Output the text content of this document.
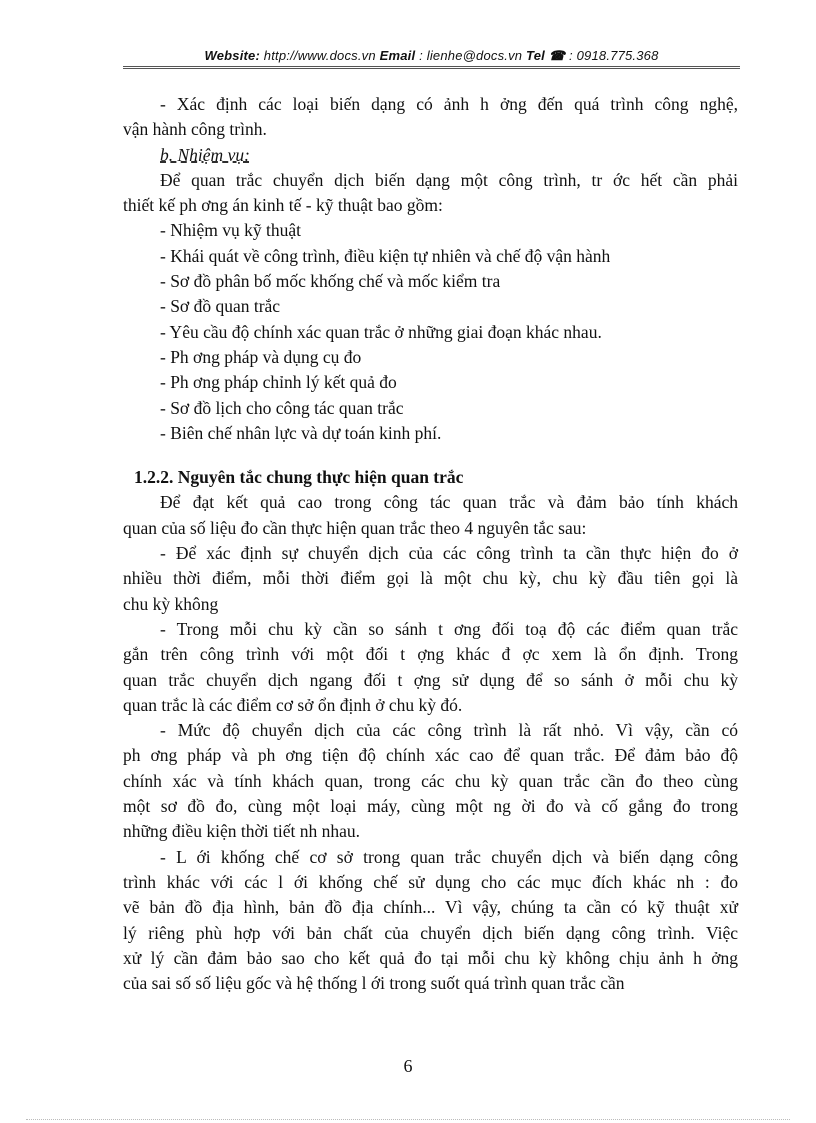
Website: http://www.docs.vn Email : lienhe@docs.vn Tel ☎ : 0918.775.368
- Xác định các loại biến dạng có ảnh h ởng đến quá trình công nghệ,
vận hành công trình.
b. Nhiệm vụ:
Để quan trắc chuyển dịch biến dạng một công trình, tr ớc hết cần phải
thiết kế ph ơng án kinh tế - kỹ thuật bao gồm:
- Nhiệm vụ kỹ thuật
- Khái quát về công trình, điều kiện tự nhiên và chế độ vận hành
- Sơ đồ phân bố mốc khống chế và mốc kiểm tra
- Sơ đồ quan trắc
- Yêu cầu độ chính xác quan trắc ở những giai đoạn khác nhau.
- Ph ơng pháp và dụng cụ đo
- Ph ơng pháp chỉnh lý kết quả đo
- Sơ đồ lịch cho công tác quan trắc
- Biên chế nhân lực và dự toán kinh phí.
1.2.2. Nguyên tắc chung thực hiện quan trắc
Để đạt kết quả cao trong công tác quan trắc và đảm bảo tính khách
quan của số liệu đo cần thực hiện quan trắc theo 4 nguyên tắc sau:
- Để xác định sự chuyển dịch của các công trình ta cần thực hiện đo ở
nhiều thời điểm, mỗi thời điểm gọi là một chu kỳ, chu kỳ đầu tiên gọi là
chu kỳ không
- Trong mỗi chu kỳ cần so sánh t ơng đối toạ độ các điểm quan trắc
gắn trên công trình với một đối t ợng khác đ ợc xem là ổn định. Trong
quan trắc chuyển dịch ngang đối t ợng sử dụng để so sánh ở mỗi chu kỳ
quan trắc là các điểm cơ sở ổn định ở chu kỳ đó.
- Mức độ chuyển dịch của các công trình là rất nhỏ. Vì vậy, cần có
ph ơng pháp và ph ơng tiện độ chính xác cao để quan trắc. Để đảm bảo độ
chính xác và tính khách quan, trong các chu kỳ quan trắc cần đo theo cùng
một sơ đồ đo, cùng một loại máy, cùng một ng ời đo và cố gắng đo trong
những điều kiện thời tiết nh nhau.
- L ới khống chế cơ sở trong quan trắc chuyển dịch và biến dạng công
trình khác với các l ới khống chế sử dụng cho các mục đích khác nh : đo
vẽ bản đồ địa hình, bản đồ địa chính... Vì vậy, chúng ta cần có kỹ thuật xử
lý riêng phù hợp với bản chất của chuyển dịch biến dạng công trình. Việc
xử lý cần đảm bảo sao cho kết quả đo tại mỗi chu kỳ không chịu ảnh h ởng
của sai số số liệu gốc và hệ thống l ới trong suốt quá trình quan trắc cần
6
